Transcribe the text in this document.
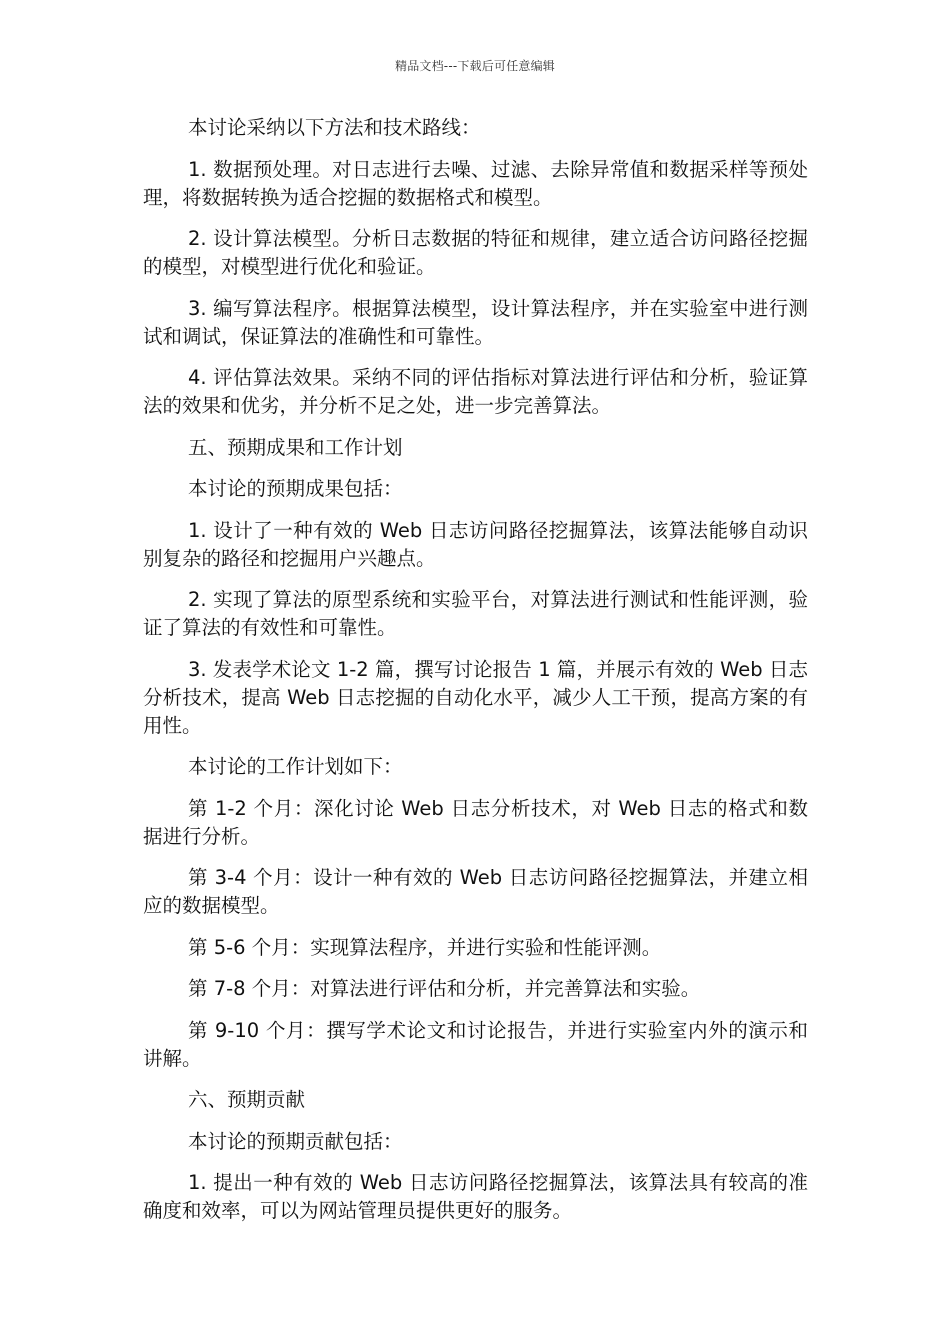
精品文档---下载后可任意编辑

本讨论采纳以下方法和技术路线：

1. 数据预处理。对日志进行去噪、过滤、去除异常值和数据采样等预处理，将数据转换为适合挖掘的数据格式和模型。

2. 设计算法模型。分析日志数据的特征和规律，建立适合访问路径挖掘的模型，对模型进行优化和验证。

3. 编写算法程序。根据算法模型，设计算法程序，并在实验室中进行测试和调试，保证算法的准确性和可靠性。

4. 评估算法效果。采纳不同的评估指标对算法进行评估和分析，验证算法的效果和优劣，并分析不足之处，进一步完善算法。

五、预期成果和工作计划

本讨论的预期成果包括：

1. 设计了一种有效的 Web 日志访问路径挖掘算法，该算法能够自动识别复杂的路径和挖掘用户兴趣点。

2. 实现了算法的原型系统和实验平台，对算法进行测试和性能评测，验证了算法的有效性和可靠性。

3. 发表学术论文 1-2 篇，撰写讨论报告 1 篇，并展示有效的 Web 日志分析技术，提高 Web 日志挖掘的自动化水平，减少人工干预，提高方案的有用性。

本讨论的工作计划如下：

第 1-2 个月：深化讨论 Web 日志分析技术，对 Web 日志的格式和数据进行分析。

第 3-4 个月：设计一种有效的 Web 日志访问路径挖掘算法，并建立相应的数据模型。

第 5-6 个月：实现算法程序，并进行实验和性能评测。

第 7-8 个月：对算法进行评估和分析，并完善算法和实验。

第 9-10 个月：撰写学术论文和讨论报告，并进行实验室内外的演示和讲解。

六、预期贡献

本讨论的预期贡献包括：

1. 提出一种有效的 Web 日志访问路径挖掘算法，该算法具有较高的准确度和效率，可以为网站管理员提供更好的服务。
